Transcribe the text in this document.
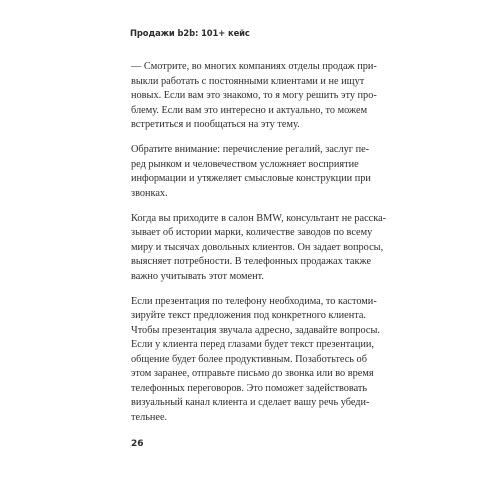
Продажи b2b: 101+ кейс

— Смотрите, во многих компаниях отделы продаж при-
выкли работать с постоянными клиентами и не ищут
новых. Если вам это знакомо, то я могу решить эту про-
блему. Если вам это интересно и актуально, то можем
встретиться и пообщаться на эту тему.

Обратите внимание: перечисление регалий, заслуг пе-
ред рынком и человечеством усложняет восприятие
информации и утяжеляет смысловые конструкции при
звонках.

Когда вы приходите в салон BMW, консультант не расска-
зывает об истории марки, количестве заводов по всему
миру и тысячах довольных клиентов. Он задает вопросы,
выясняет потребности. В телефонных продажах также
важно учитывать этот момент.

Если презентация по телефону необходима, то кастоми-
зируйте текст предложения под конкретного клиента.
Чтобы презентация звучала адресно, задавайте вопросы.
Если у клиента перед глазами будет текст презентации,
общение будет более продуктивным. Позаботьтесь об
этом заранее, отправьте письмо до звонка или во время
телефонных переговоров. Это поможет задействовать
визуальный канал клиента и сделает вашу речь убеди-
тельнее.

26
